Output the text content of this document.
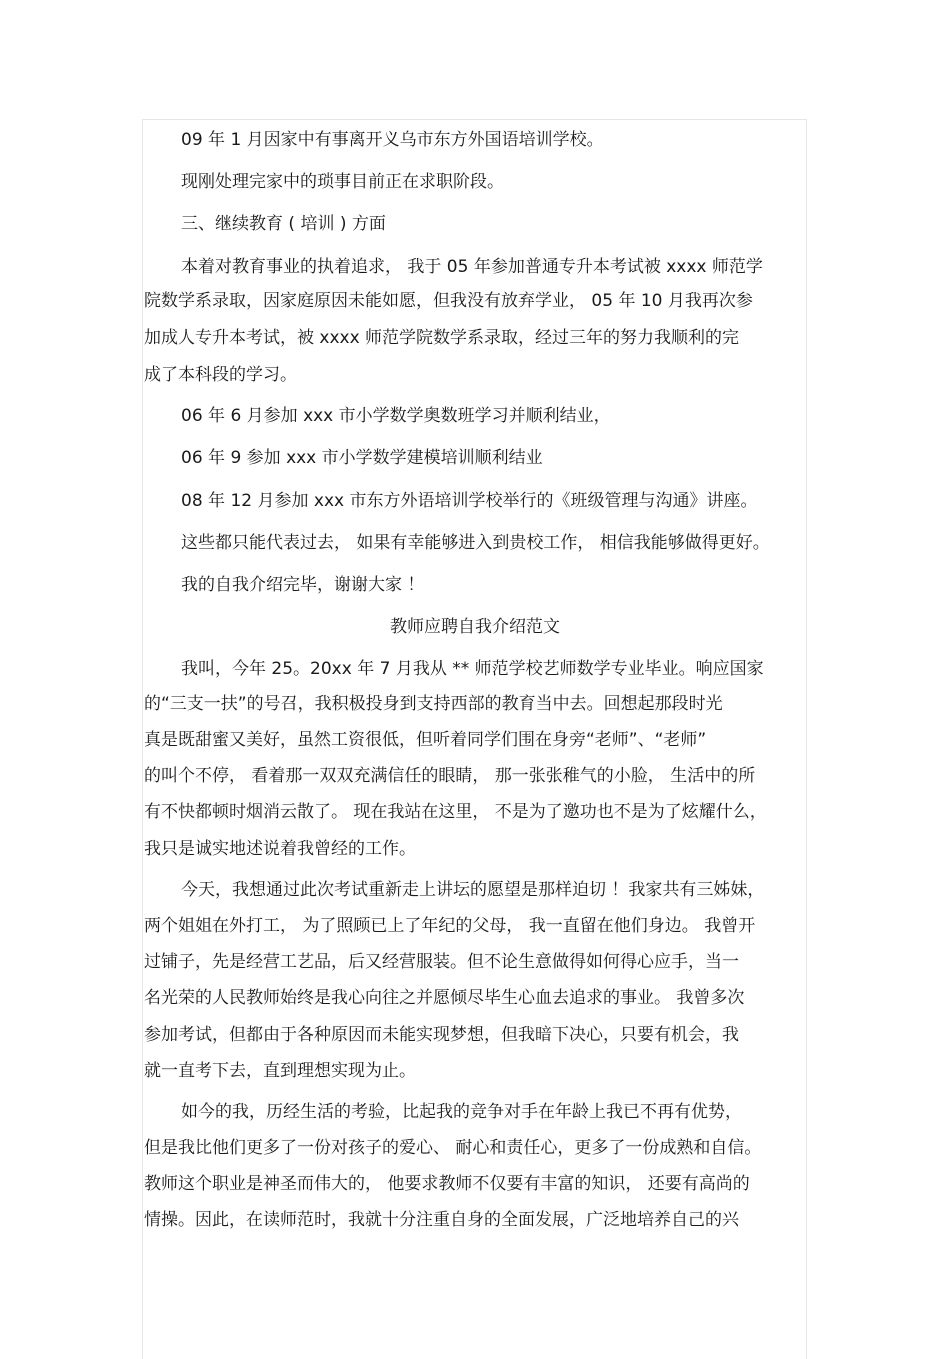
09 年 1 月因家中有事离开义乌市东方外国语培训学校。
现刚处理完家中的琐事目前正在求职阶段。
三、继续教育 ( 培训 ) 方面
本着对教育事业的执着追求， 我于 05 年参加普通专升本考试被 xxxx 师范学
院数学系录取，因家庭原因未能如愿，但我没有放弃学业， 05 年 10 月我再次参
加成人专升本考试，被 xxxx 师范学院数学系录取，经过三年的努力我顺利的完
成了本科段的学习。
06 年 6 月参加 xxx 市小学数学奥数班学习并顺利结业，
06 年 9 参加 xxx 市小学数学建模培训顺利结业
08 年 12 月参加 xxx 市东方外语培训学校举行的《班级管理与沟通》讲座。
这些都只能代表过去， 如果有幸能够进入到贵校工作， 相信我能够做得更好。
我的自我介绍完毕，谢谢大家 ！
教师应聘自我介绍范文
我叫，今年 25。20xx 年 7 月我从 ** 师范学校艺师数学专业毕业。响应国家
的“三支一扶”的号召，我积极投身到支持西部的教育当中去。回想起那段时光
真是既甜蜜又美好，虽然工资很低，但听着同学们围在身旁“老师”、“老师”
的叫个不停， 看着那一双双充满信任的眼睛， 那一张张稚气的小脸， 生活中的所
有不快都顿时烟消云散了。 现在我站在这里， 不是为了邀功也不是为了炫耀什么，
我只是诚实地述说着我曾经的工作。
今天，我想通过此次考试重新走上讲坛的愿望是那样迫切 ！我家共有三姊妹，
两个姐姐在外打工， 为了照顾已上了年纪的父母， 我一直留在他们身边。 我曾开
过铺子，先是经营工艺品，后又经营服装。但不论生意做得如何得心应手，当一
名光荣的人民教师始终是我心向往之并愿倾尽毕生心血去追求的事业。 我曾多次
参加考试，但都由于各种原因而未能实现梦想，但我暗下决心，只要有机会，我
就一直考下去，直到理想实现为止。
如今的我，历经生活的考验，比起我的竞争对手在年龄上我已不再有优势，
但是我比他们更多了一份对孩子的爱心、 耐心和责任心，更多了一份成熟和自信。
教师这个职业是神圣而伟大的， 他要求教师不仅要有丰富的知识， 还要有高尚的
情操。因此，在读师范时，我就十分注重自身的全面发展，广泛地培养自己的兴
